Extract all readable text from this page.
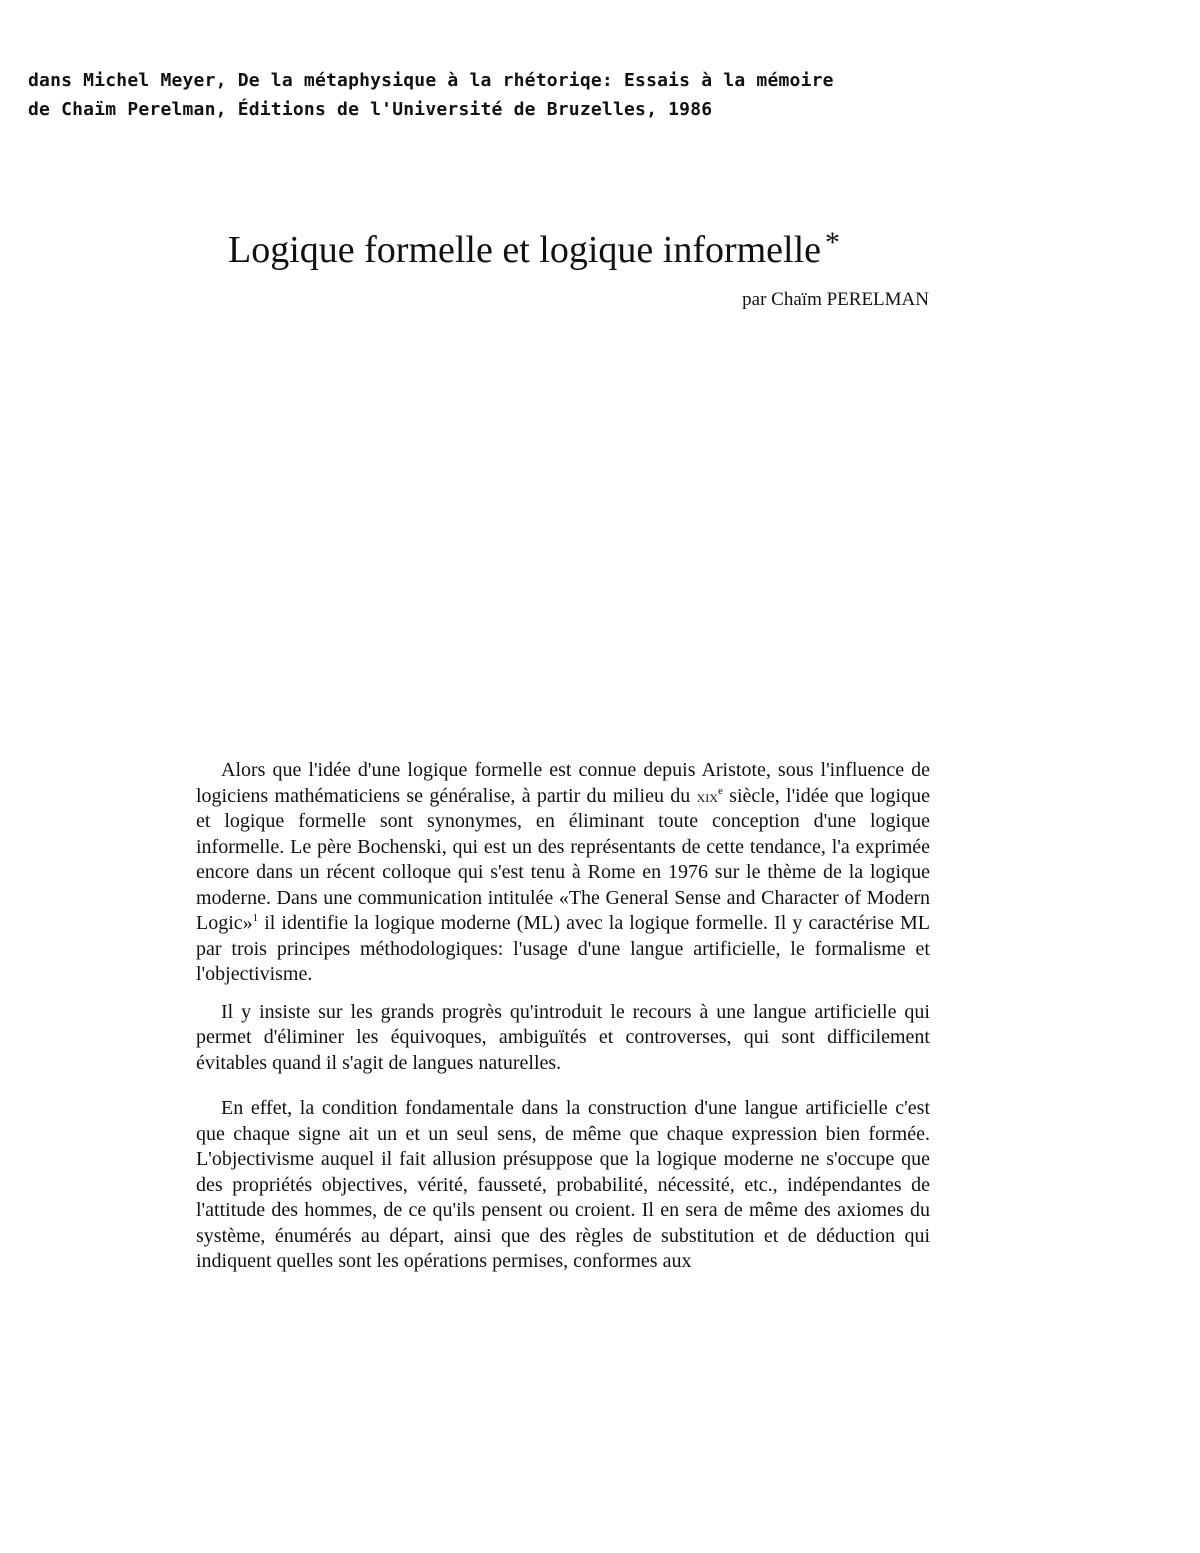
dans Michel Meyer, De la métaphysique à la rhétoriqe: Essais à la mémoire
de Chaïm Perelman, Éditions de l'Université de Bruzelles, 1986
Logique formelle et logique informelle *
par Chaïm PERELMAN

Alors que l'idée d'une logique formelle est connue depuis Aristote, sous l'influence de logiciens mathématiciens se généralise, à partir du milieu du xix$^e$ siècle, l'idée que logique et logique formelle sont synonymes, en éliminant toute conception d'une logique informelle. Le père Bochenski, qui est un des représentants de cette tendance, l'a exprimée encore dans un récent colloque qui s'est tenu à Rome en 1976 sur le thème de la logique moderne. Dans une communication intitulée «The General Sense and Character of Modern Logic»$^1$ il identifie la logique moderne (ML) avec la logique formelle. Il y caractérise ML par trois principes méthodologiques: l'usage d'une langue artificielle, le formalisme et l'objectivisme.

Il y insiste sur les grands progrès qu'introduit le recours à une langue artificielle qui permet d'éliminer les équivoques, ambiguïtés et controverses, qui sont difficilement évitables quand il s'agit de langues naturelles.

En effet, la condition fondamentale dans la construction d'une langue artificielle c'est que chaque signe ait un et un seul sens, de même que chaque expression bien formée. L'objectivisme auquel il fait allusion présuppose que la logique moderne ne s'occupe que des propriétés objectives, vérité, fausseté, probabilité, nécessité, etc., indépendantes de l'attitude des hommes, de ce qu'ils pensent ou croient. Il en sera de même des axiomes du système, énumérés au départ, ainsi que des règles de substitution et de déduction qui indiquent quelles sont les opérations permises, conformes aux
